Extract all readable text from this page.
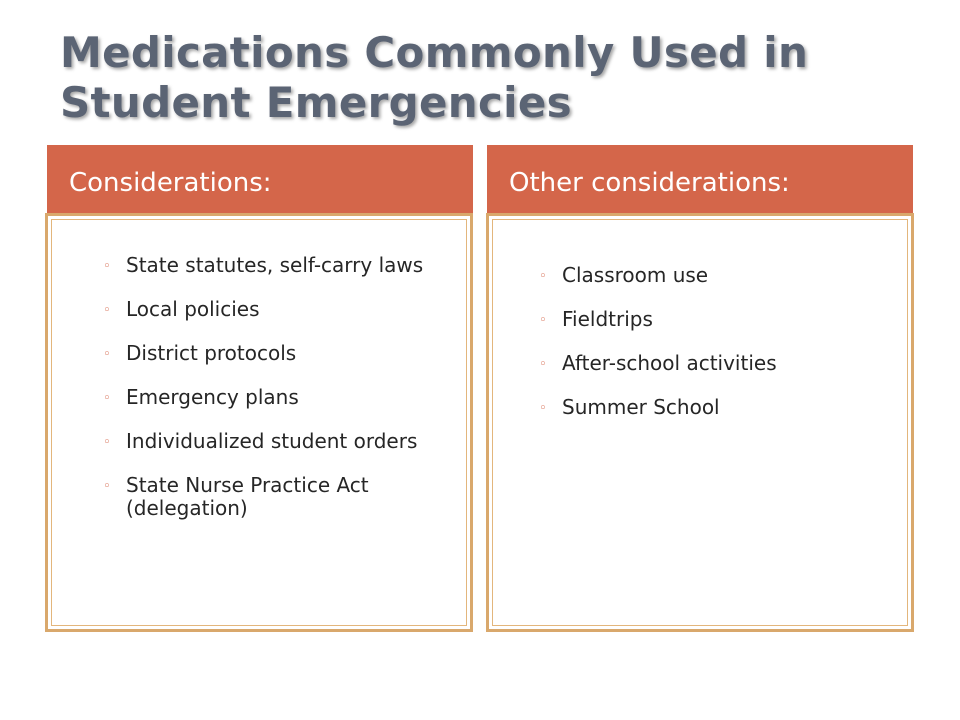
Medications Commonly Used in
Student Emergencies
Considerations:	Other considerations:
◦ State statutes, self-carry laws
◦ Local policies
◦ District protocols
◦ Emergency plans
◦ Individualized student orders
◦ State Nurse Practice Act (delegation)
◦ Classroom use
◦ Fieldtrips
◦ After-school activities
◦ Summer School
